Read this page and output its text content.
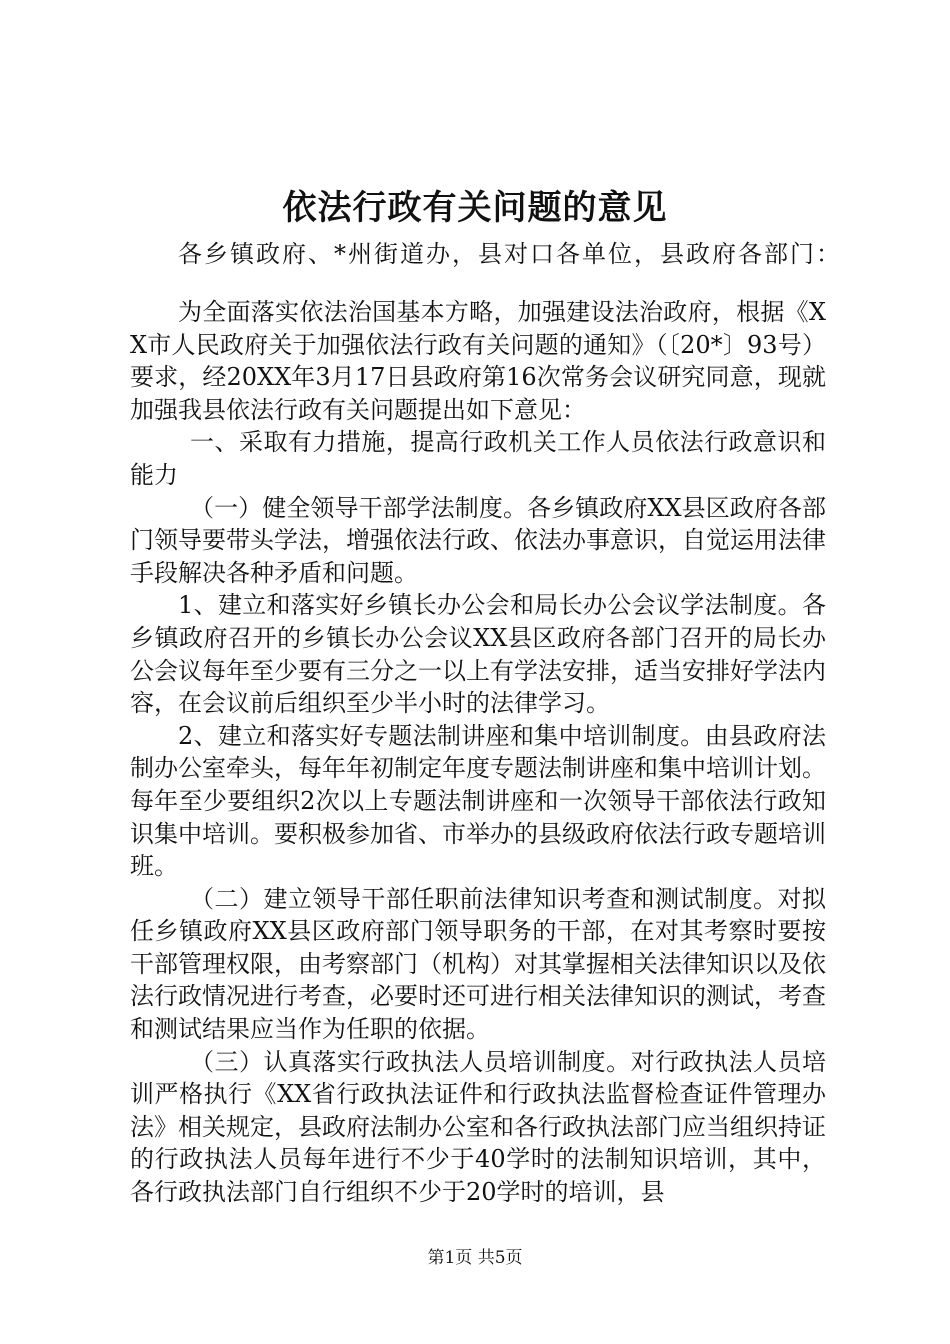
依法行政有关问题的意见
各乡镇政府、*州街道办，县对口各单位，县政府各部门：

为全面落实依法治国基本方略，加强建设法治政府，根据《XX市人民政府关于加强依法行政有关问题的通知》（〔20*〕93号）要求，经20XX年3月17日县政府第16次常务会议研究同意，现就加强我县依法行政有关问题提出如下意见：

一、采取有力措施，提高行政机关工作人员依法行政意识和能力

（一）健全领导干部学法制度。各乡镇政府XX县区政府各部门领导要带头学法，增强依法行政、依法办事意识，自觉运用法律手段解决各种矛盾和问题。

1、建立和落实好乡镇长办公会和局长办公会议学法制度。各乡镇政府召开的乡镇长办公会议XX县区政府各部门召开的局长办公会议每年至少要有三分之一以上有学法安排，适当安排好学法内容，在会议前后组织至少半小时的法律学习。

2、建立和落实好专题法制讲座和集中培训制度。由县政府法制办公室牵头，每年年初制定年度专题法制讲座和集中培训计划。每年至少要组织2次以上专题法制讲座和一次领导干部依法行政知识集中培训。要积极参加省、市举办的县级政府依法行政专题培训班。

（二）建立领导干部任职前法律知识考查和测试制度。对拟任乡镇政府XX县区政府部门领导职务的干部，在对其考察时要按干部管理权限，由考察部门（机构）对其掌握相关法律知识以及依法行政情况进行考查，必要时还可进行相关法律知识的测试，考查和测试结果应当作为任职的依据。

（三）认真落实行政执法人员培训制度。对行政执法人员培训严格执行《XX省行政执法证件和行政执法监督检查证件管理办法》相关规定，县政府法制办公室和各行政执法部门应当组织持证的行政执法人员每年进行不少于40学时的法制知识培训，其中，各行政执法部门自行组织不少于20学时的培训，县

第1页 共5页
